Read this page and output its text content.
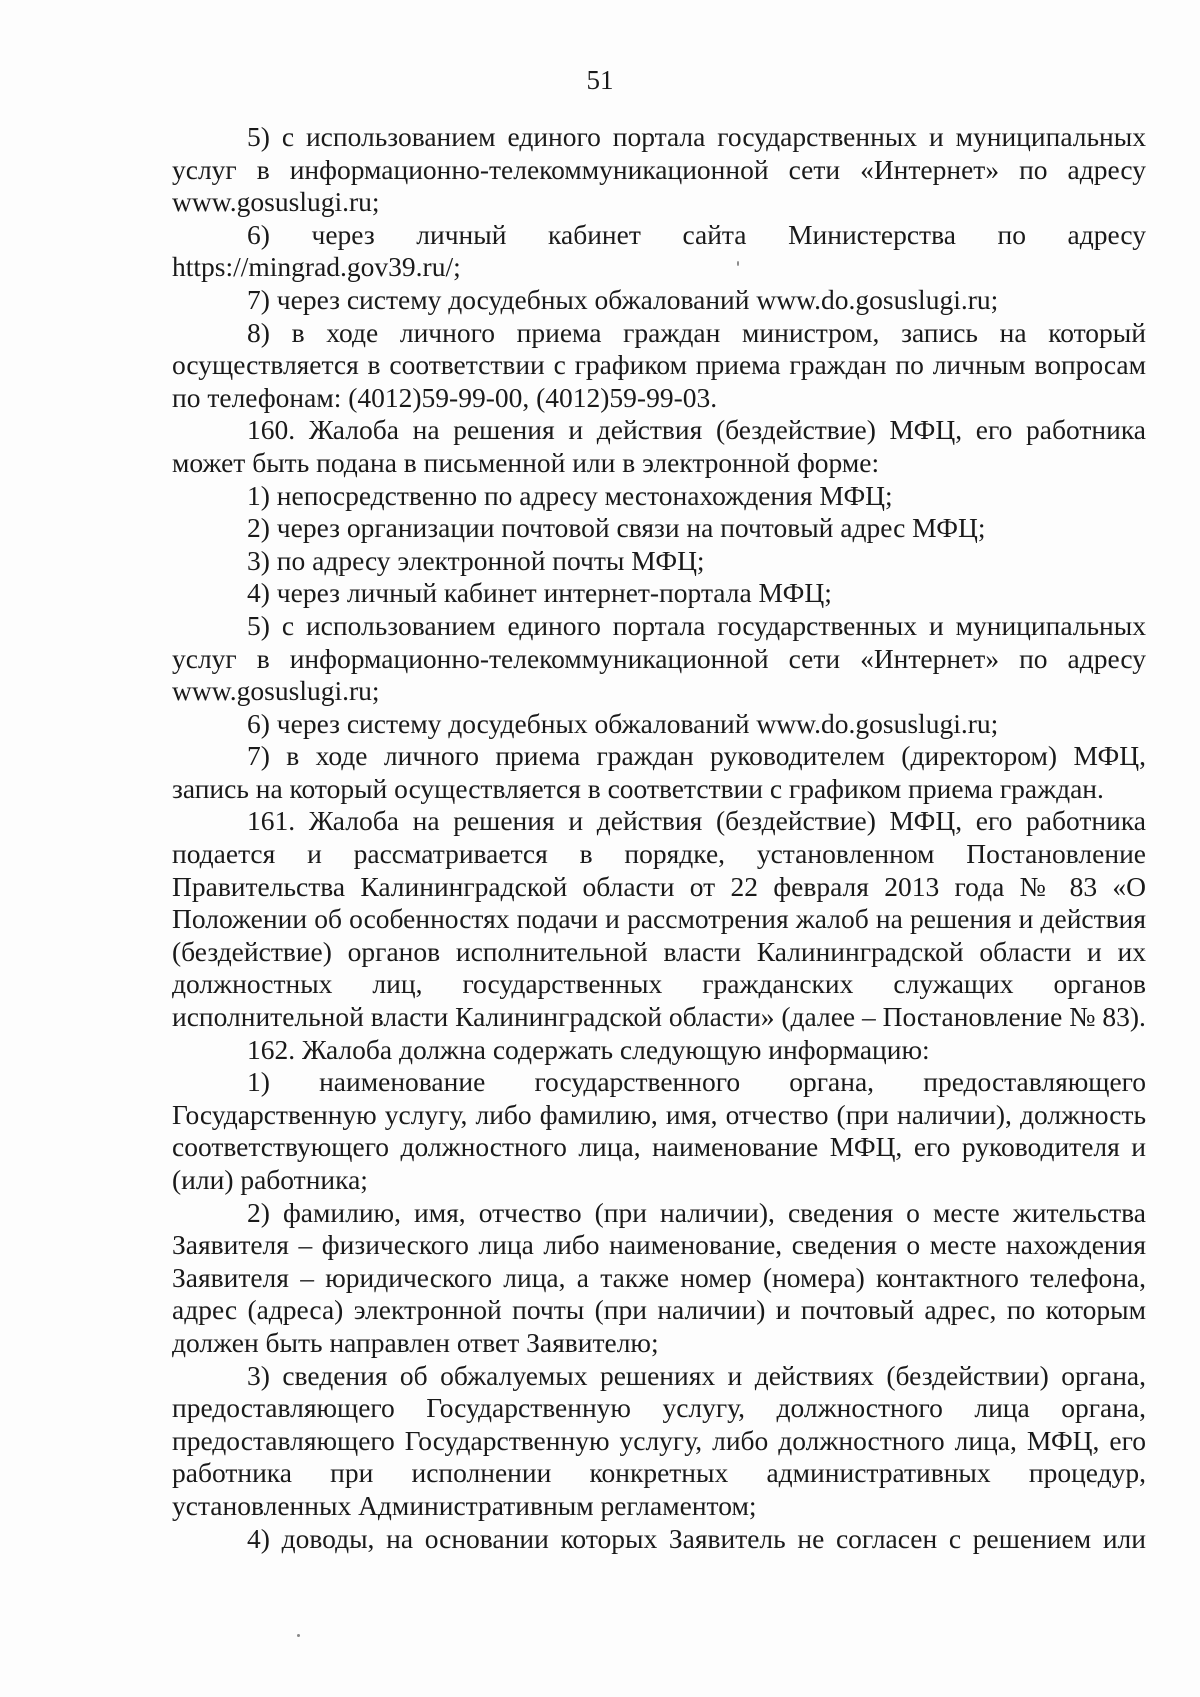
51

5) с использованием единого портала государственных и муниципальных услуг в информационно-телекоммуникационной сети «Интернет» по адресу www.gosuslugi.ru;

6) через личный кабинет сайта Министерства по адресу https://mingrad.gov39.ru/;

7) через систему досудебных обжалований www.do.gosuslugi.ru;

8) в ходе личного приема граждан министром, запись на который осуществляется в соответствии с графиком приема граждан по личным вопросам по телефонам: (4012)59-99-00, (4012)59-99-03.

160. Жалоба на решения и действия (бездействие) МФЦ, его работника может быть подана в письменной или в электронной форме:

1) непосредственно по адресу местонахождения МФЦ;

2) через организации почтовой связи на почтовый адрес МФЦ;

3) по адресу электронной почты МФЦ;

4) через личный кабинет интернет-портала МФЦ;

5) с использованием единого портала государственных и муниципальных услуг в информационно-телекоммуникационной сети «Интернет» по адресу www.gosuslugi.ru;

6) через систему досудебных обжалований www.do.gosuslugi.ru;

7) в ходе личного приема граждан руководителем (директором) МФЦ, запись на который осуществляется в соответствии с графиком приема граждан.

161. Жалоба на решения и действия (бездействие) МФЦ, его работника подается и рассматривается в порядке, установленном Постановление Правительства Калининградской области от 22 февраля 2013 года № 83 «О Положении об особенностях подачи и рассмотрения жалоб на решения и действия (бездействие) органов исполнительной власти Калининградской области и их должностных лиц, государственных гражданских служащих органов исполнительной власти Калининградской области» (далее – Постановление № 83).

162. Жалоба должна содержать следующую информацию:

1) наименование государственного органа, предоставляющего Государственную услугу, либо фамилию, имя, отчество (при наличии), должность соответствующего должностного лица, наименование МФЦ, его руководителя и (или) работника;

2) фамилию, имя, отчество (при наличии), сведения о месте жительства Заявителя – физического лица либо наименование, сведения о месте нахождения Заявителя – юридического лица, а также номер (номера) контактного телефона, адрес (адреса) электронной почты (при наличии) и почтовый адрес, по которым должен быть направлен ответ Заявителю;

3) сведения об обжалуемых решениях и действиях (бездействии) органа, предоставляющего Государственную услугу, должностного лица органа, предоставляющего Государственную услугу, либо должностного лица, МФЦ, его работника при исполнении конкретных административных процедур, установленных Административным регламентом;

4) доводы, на основании которых Заявитель не согласен с решением или
